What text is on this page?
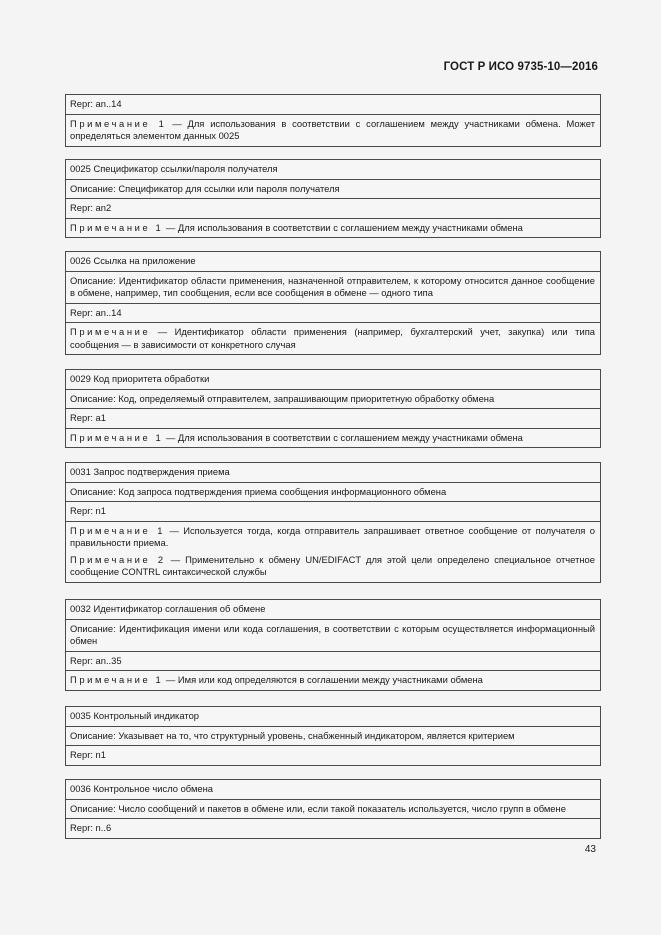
ГОСТ Р ИСО 9735-10—2016
Repr: an..14

Примечание 1 — Для использования в соответствии с соглашением между участниками обмена. Может определяться элементом данных 0025

0025 Спецификатор ссылки/пароля получателя
Описание: Спецификатор для ссылки или пароля получателя
Repr: an2

Примечание 1 — Для использования в соответствии с соглашением между участниками обмена

0026 Ссылка на приложение
Описание: Идентификатор области применения, назначенной отправителем, к которому относится данное сообщение в обмене, например, тип сообщения, если все сообщения в обмене — одного типа
Repr: an..14

Примечание — Идентификатор области применения (например, бухгалтерский учет, закупка) или типа сообщения — в зависимости от конкретного случая

0029 Код приоритета обработки
Описание: Код, определяемый отправителем, запрашивающим приоритетную обработку обмена
Repr: a1

Примечание 1 — Для использования в соответствии с соглашением между участниками обмена

0031 Запрос подтверждения приема
Описание: Код запроса подтверждения приема сообщения информационного обмена
Repr: n1

Примечание 1 — Используется тогда, когда отправитель запрашивает ответное сообщение от получателя о правильности приема.

Примечание 2 — Применительно к обмену UN/EDIFACT для этой цели определено специальное отчетное сообщение CONTRL синтаксической службы

0032 Идентификатор соглашения об обмене
Описание: Идентификация имени или кода соглашения, в соответствии с которым осуществляется информационный обмен
Repr: an..35

Примечание 1 — Имя или код определяются в соглашении между участниками обмена

0035 Контрольный индикатор
Описание: Указывает на то, что структурный уровень, снабженный индикатором, является критерием
Repr: n1
0036 Контрольное число обмена
Описание: Число сообщений и пакетов в обмене или, если такой показатель используется, число групп в обмене
Repr: n..6
43
